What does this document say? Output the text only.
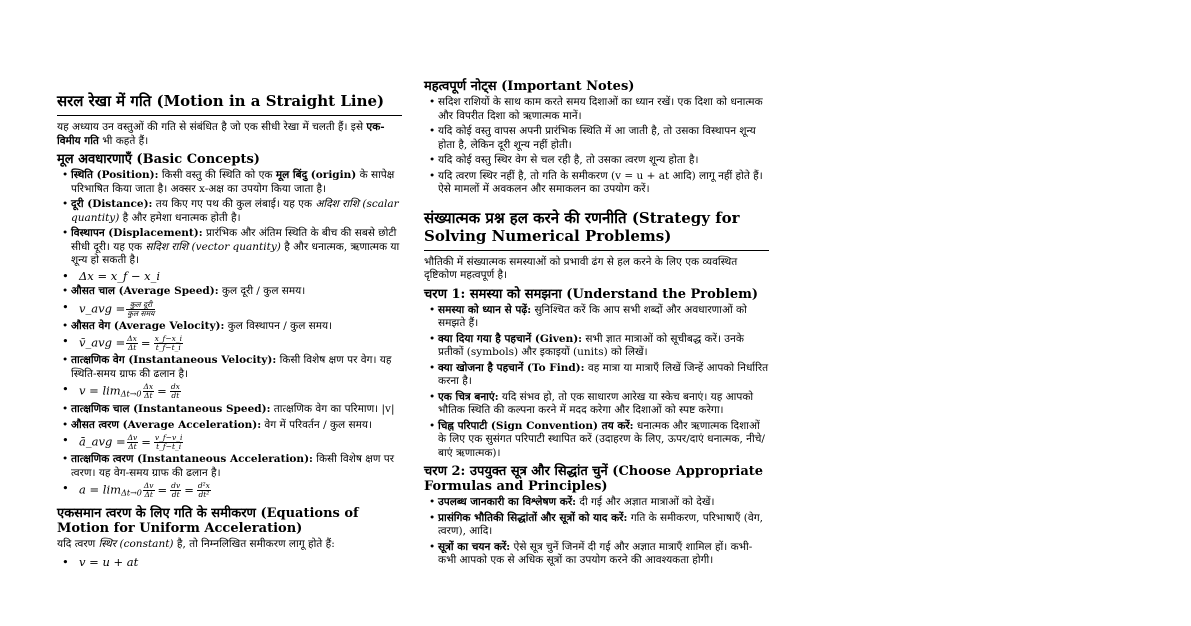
सरल रेखा में गति (Motion in a Straight Line)

यह अध्याय उन वस्तुओं की गति से संबंधित है जो एक सीधी रेखा में चलती हैं। इसे एक-विमीय गति भी कहते हैं।

मूल अवधारणाएँ (Basic Concepts)
• स्थिति (Position): किसी वस्तु की स्थिति को एक मूल बिंदु (origin) के सापेक्ष परिभाषित किया जाता है। अक्सर x-अक्ष का उपयोग किया जाता है।
• दूरी (Distance): तय किए गए पथ की कुल लंबाई। यह एक अदिश राशि (scalar quantity) है और हमेशा धनात्मक होती है।
• विस्थापन (Displacement): प्रारंभिक और अंतिम स्थिति के बीच की सबसे छोटी सीधी दूरी। यह एक सदिश राशि (vector quantity) है और धनात्मक, ऋणात्मक या शून्य हो सकती है।
• Δx = x_f − x_i
• औसत चाल (Average Speed): कुल दूरी / कुल समय।
• v_avg = $\frac{\text{कुल दूरी}}{\text{कुल समय}}$
• औसत वेग (Average Velocity): कुल विस्थापन / कुल समय।
• v̄_avg = $\frac{\Delta x}{\Delta t} = \frac{x\_f-x\_i}{t\_f-t\_i}$
• तात्क्षणिक वेग (Instantaneous Velocity): किसी विशेष क्षण पर वेग। यह स्थिति-समय ग्राफ की ढलान है।
• $v = \lim_{\Delta t\to 0} \frac{\Delta x}{\Delta t} = \frac{dx}{dt}$
• तात्क्षणिक चाल (Instantaneous Speed): तात्क्षणिक वेग का परिमाण। |v|
• औसत त्वरण (Average Acceleration): वेग में परिवर्तन / कुल समय।
• ā_avg = $\frac{\Delta v}{\Delta t} = \frac{v\_f-v\_i}{t\_f-t\_i}$
• तात्क्षणिक त्वरण (Instantaneous Acceleration): किसी विशेष क्षण पर त्वरण। यह वेग-समय ग्राफ की ढलान है।
• $a = \lim_{\Delta t\to 0} \frac{\Delta v}{\Delta t} = \frac{dv}{dt} = \frac{\text{d²x}}{\text{dt²}}$
एकसमान त्वरण के लिए गति के समीकरण (Equations of Motion for Uniform Acceleration)

यदि त्वरण स्थिर (constant) है, तो निम्नलिखित समीकरण लागू होते हैं:

• v = u + at
महत्वपूर्ण नोट्स (Important Notes)
• सदिश राशियों के साथ काम करते समय दिशाओं का ध्यान रखें। एक दिशा को धनात्मक और विपरीत दिशा को ऋणात्मक मानें।
• यदि कोई वस्तु वापस अपनी प्रारंभिक स्थिति में आ जाती है, तो उसका विस्थापन शून्य होता है, लेकिन दूरी शून्य नहीं होती।
• यदि कोई वस्तु स्थिर वेग से चल रही है, तो उसका त्वरण शून्य होता है।
• यदि त्वरण स्थिर नहीं है, तो गति के समीकरण (v = u + at आदि) लागू नहीं होते हैं। ऐसे मामलों में अवकलन और समाकलन का उपयोग करें।
संख्यात्मक प्रश्न हल करने की रणनीति (Strategy for Solving Numerical Problems)

भौतिकी में संख्यात्मक समस्याओं को प्रभावी ढंग से हल करने के लिए एक व्यवस्थित दृष्टिकोण महत्वपूर्ण है।

चरण 1: समस्या को समझना (Understand the Problem)
• समस्या को ध्यान से पढ़ें: सुनिश्चित करें कि आप सभी शब्दों और अवधारणाओं को समझते हैं।
• क्या दिया गया है पहचानें (Given): सभी ज्ञात मात्राओं को सूचीबद्ध करें। उनके प्रतीकों (symbols) और इकाइयों (units) को लिखें।
• क्या खोजना है पहचानें (To Find): वह मात्रा या मात्राएँ लिखें जिन्हें आपको निर्धारित करना है।
• एक चित्र बनाएं: यदि संभव हो, तो एक साधारण आरेख या स्केच बनाएं। यह आपको भौतिक स्थिति की कल्पना करने में मदद करेगा और दिशाओं को स्पष्ट करेगा।
• चिह्न परिपाटी (Sign Convention) तय करें: धनात्मक और ऋणात्मक दिशाओं के लिए एक सुसंगत परिपाटी स्थापित करें (उदाहरण के लिए, ऊपर/दाएं धनात्मक, नीचे/बाएं ऋणात्मक)।
चरण 2: उपयुक्त सूत्र और सिद्धांत चुनें (Choose Appropriate Formulas and Principles)
• उपलब्ध जानकारी का विश्लेषण करें: दी गई और अज्ञात मात्राओं को देखें।
• प्रासंगिक भौतिकी सिद्धांतों और सूत्रों को याद करें: गति के समीकरण, परिभाषाएँ (वेग, त्वरण), आदि।
• सूत्रों का चयन करें: ऐसे सूत्र चुनें जिनमें दी गई और अज्ञात मात्राएँ शामिल हों। कभी-कभी आपको एक से अधिक सूत्रों का उपयोग करने की आवश्यकता होगी।
